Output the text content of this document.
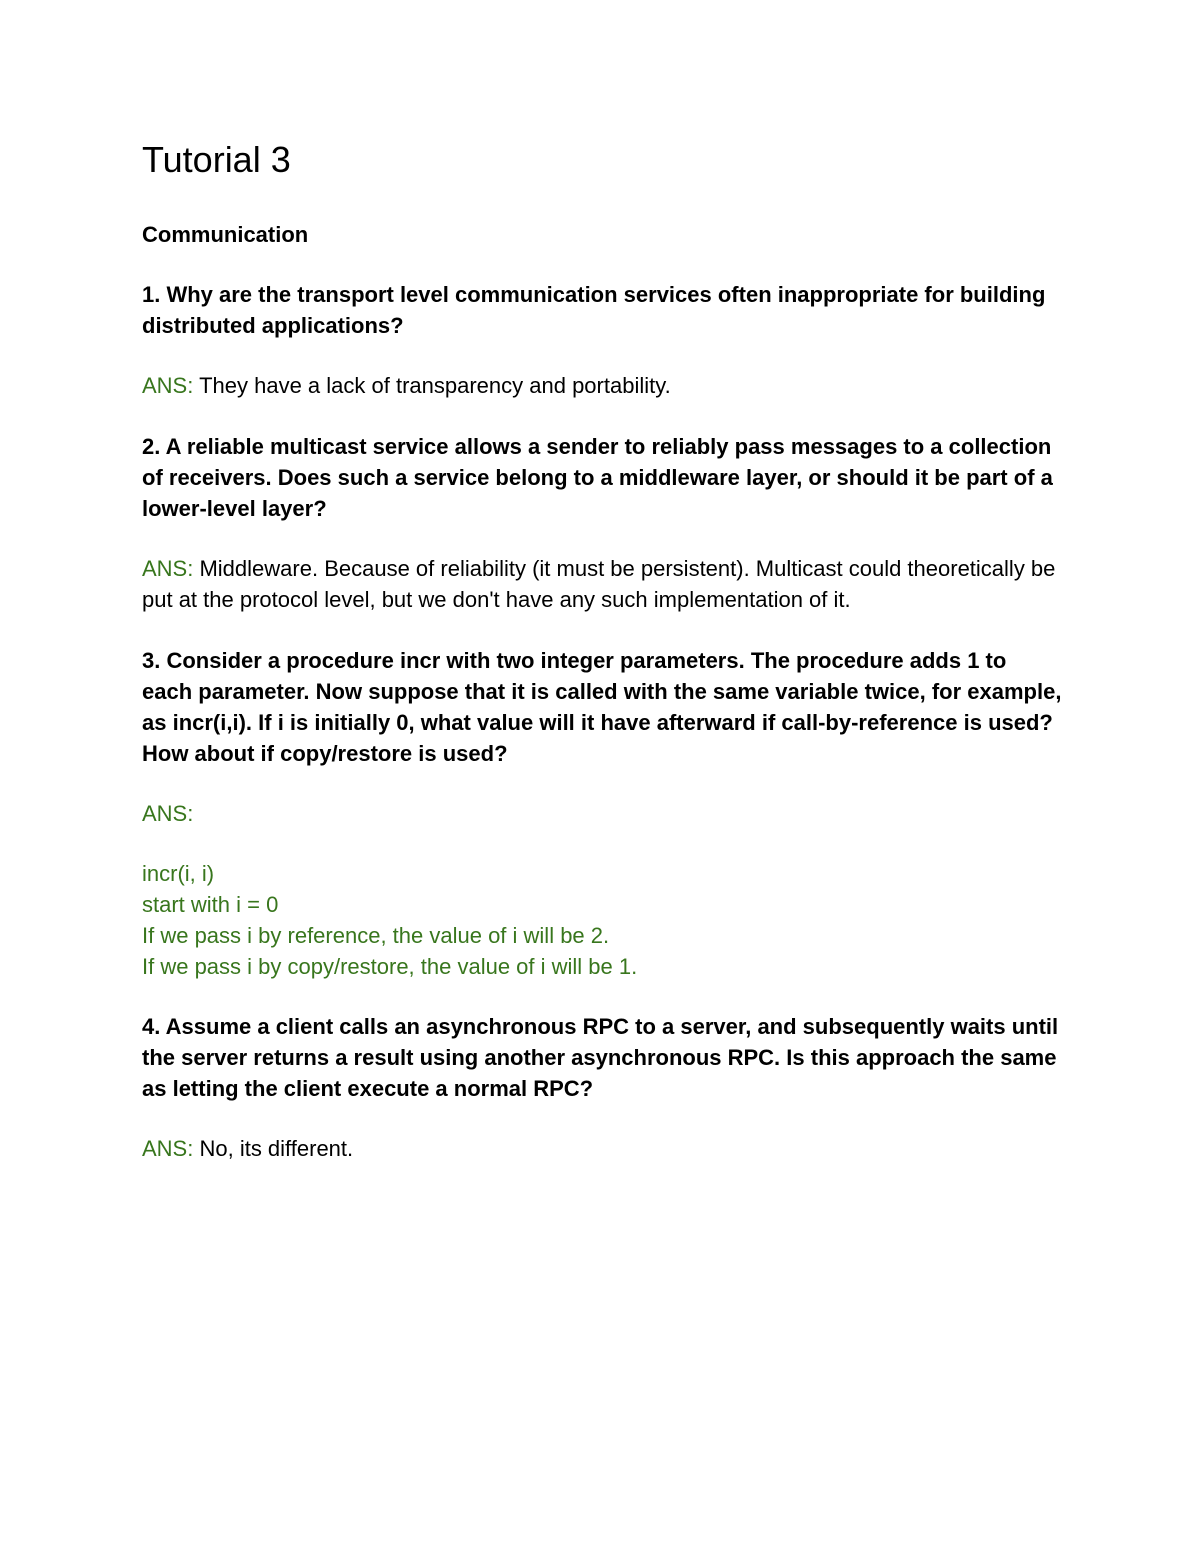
Tutorial 3
Communication
1. Why are the transport level communication services often inappropriate for building distributed applications?
ANS: They have a lack of transparency and portability.
2. A reliable multicast service allows a sender to reliably pass messages to a collection of receivers. Does such a service belong to a middleware layer, or should it be part of a lower-level layer?
ANS: Middleware. Because of reliability (it must be persistent). Multicast could theoretically be put at the protocol level, but we don't have any such implementation of it.
3. Consider a procedure incr with two integer parameters. The procedure adds 1 to each parameter. Now suppose that it is called with the same variable twice, for example, as incr(i,i). If i is initially 0, what value will it have afterward if call-by-reference is used? How about if copy/restore is used?
ANS:
incr(i, i)
start with i = 0
If we pass i by reference, the value of i will be 2.
If we pass i by copy/restore, the value of i will be 1.
4. Assume a client calls an asynchronous RPC to a server, and subsequently waits until the server returns a result using another asynchronous RPC. Is this approach the same as letting the client execute a normal RPC?
ANS: No, its different.
